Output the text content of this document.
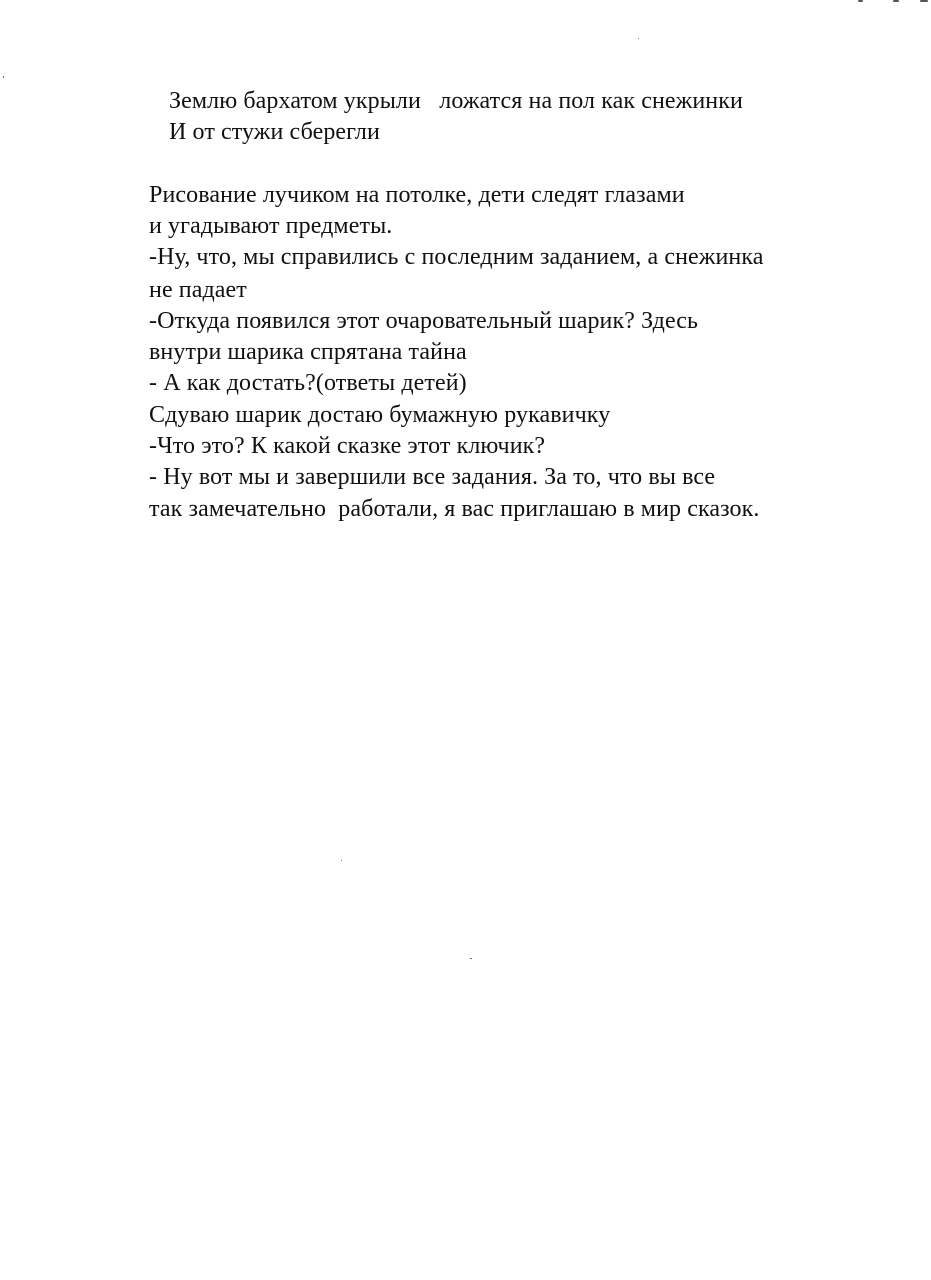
Землю бархатом укрыли   ложатся на пол как снежинки
И от стужи сберегли
Рисование лучиком на потолке, дети следят глазами
и угадывают предметы.
-Ну, что, мы справились с последним заданием, а снежинка
не падает
-Откуда появился этот очаровательный шарик? Здесь
внутри шарика спрятана тайна
- А как достать?(ответы детей)
Сдуваю шарик достаю бумажную рукавичку
-Что это? К какой сказке этот ключик?
- Ну вот мы и завершили все задания. За то, что вы все
так замечательно  работали, я вас приглашаю в мир сказок.
